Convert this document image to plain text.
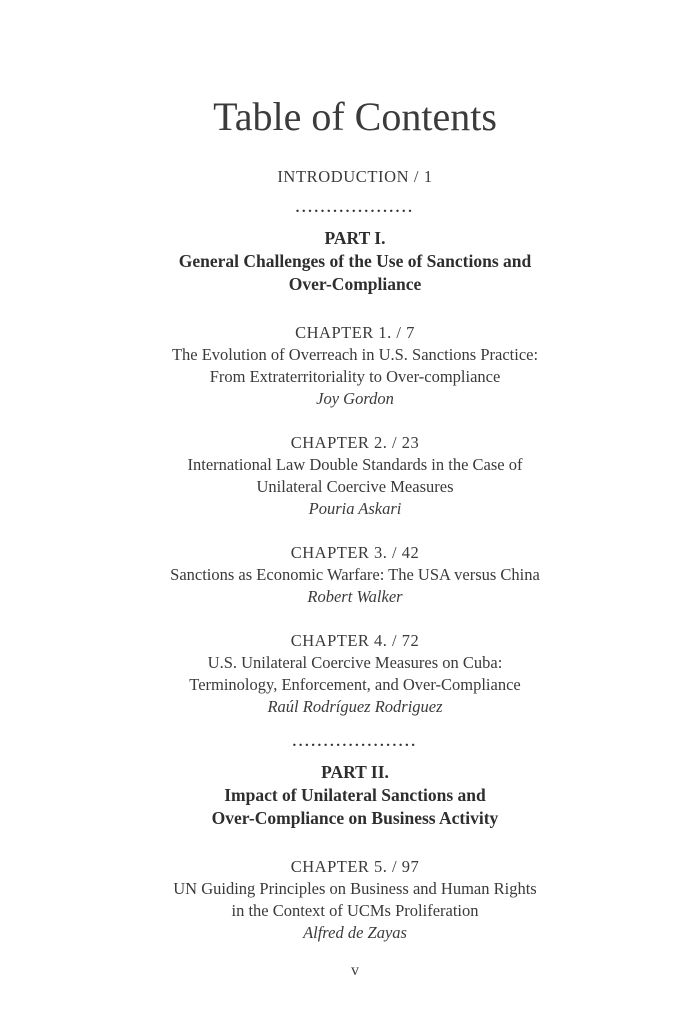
Table of Contents
INTRODUCTION / 1
...................
PART I.
General Challenges of the Use of Sanctions and
Over-Compliance
CHAPTER 1. / 7
The Evolution of Overreach in U.S. Sanctions Practice:
From Extraterritoriality to Over-compliance
Joy Gordon
CHAPTER 2. / 23
International Law Double Standards in the Case of
Unilateral Coercive Measures
Pouria Askari
CHAPTER 3. / 42
Sanctions as Economic Warfare: The USA versus China
Robert Walker
CHAPTER 4. / 72
U.S. Unilateral Coercive Measures on Cuba:
Terminology, Enforcement, and Over-Compliance
Raúl Rodríguez Rodriguez
....................
PART II.
Impact of Unilateral Sanctions and
Over-Compliance on Business Activity
CHAPTER 5. / 97
UN Guiding Principles on Business and Human Rights
in the Context of UCMs Proliferation
Alfred de Zayas
v
